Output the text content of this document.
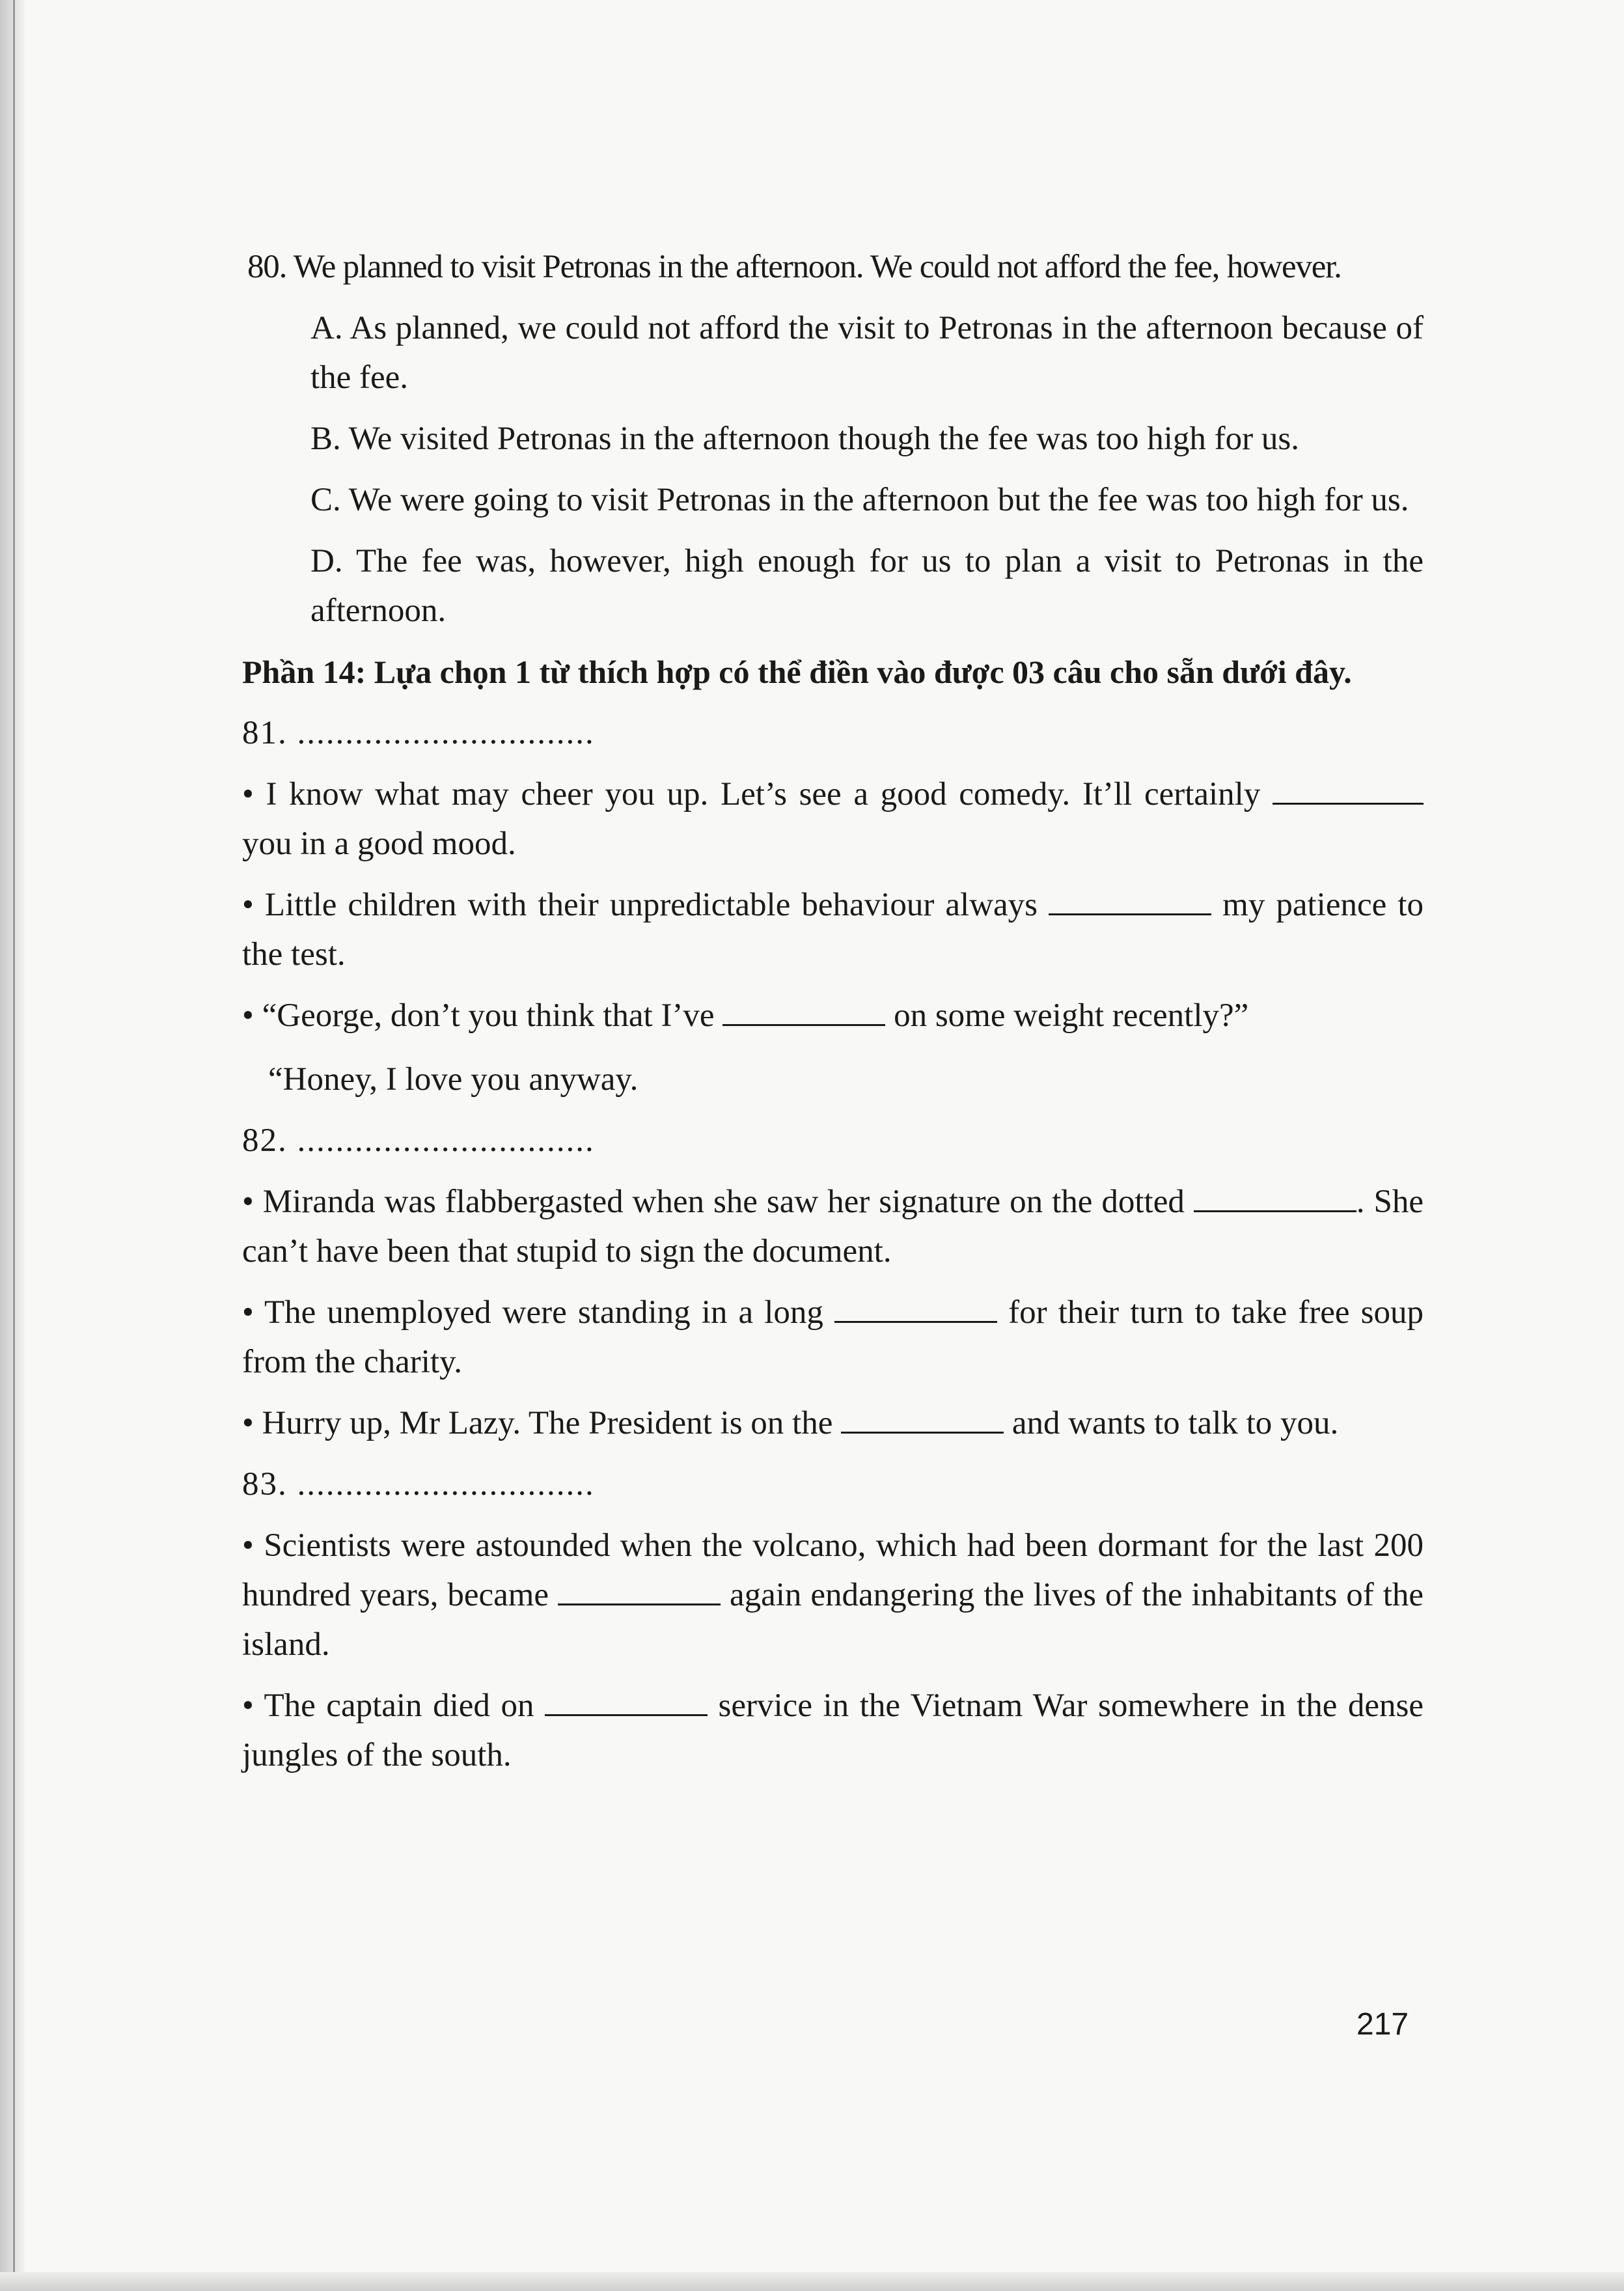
80. We planned to visit Petronas in the afternoon. We could not afford the fee, however.

A. As planned, we could not afford the visit to Petronas in the afternoon because of the fee.

B. We visited Petronas in the afternoon though the fee was too high for us.

C. We were going to visit Petronas in the afternoon but the fee was too high for us.

D. The fee was, however, high enough for us to plan a visit to Petronas in the afternoon.

Phần 14: Lựa chọn 1 từ thích hợp có thể điền vào được 03 câu cho sẵn dưới đây.

81. ...............................

• I know what may cheer you up. Let’s see a good comedy. It’ll certainly  you in a good mood.

• Little children with their unpredictable behaviour always	my patience to the test.

• “George, don’t you think that I’ve	on some weight recently?”

“Honey, I love you anyway.

82. ...............................

• Miranda was flabbergasted when she saw her signature on the dotted	. She can’t have been that stupid to sign the document.

• The unemployed were standing in a long	for their turn to take free soup from the charity.

• Hurry up, Mr Lazy. The President is on the	and wants to talk to you.

83. ...............................

• Scientists were astounded when the volcano, which had been dormant for the last 200 hundred years, became	again endangering the lives of the inhabitants of the island.

• The captain died on	service in the Vietnam War somewhere in the dense jungles of the south.

217
